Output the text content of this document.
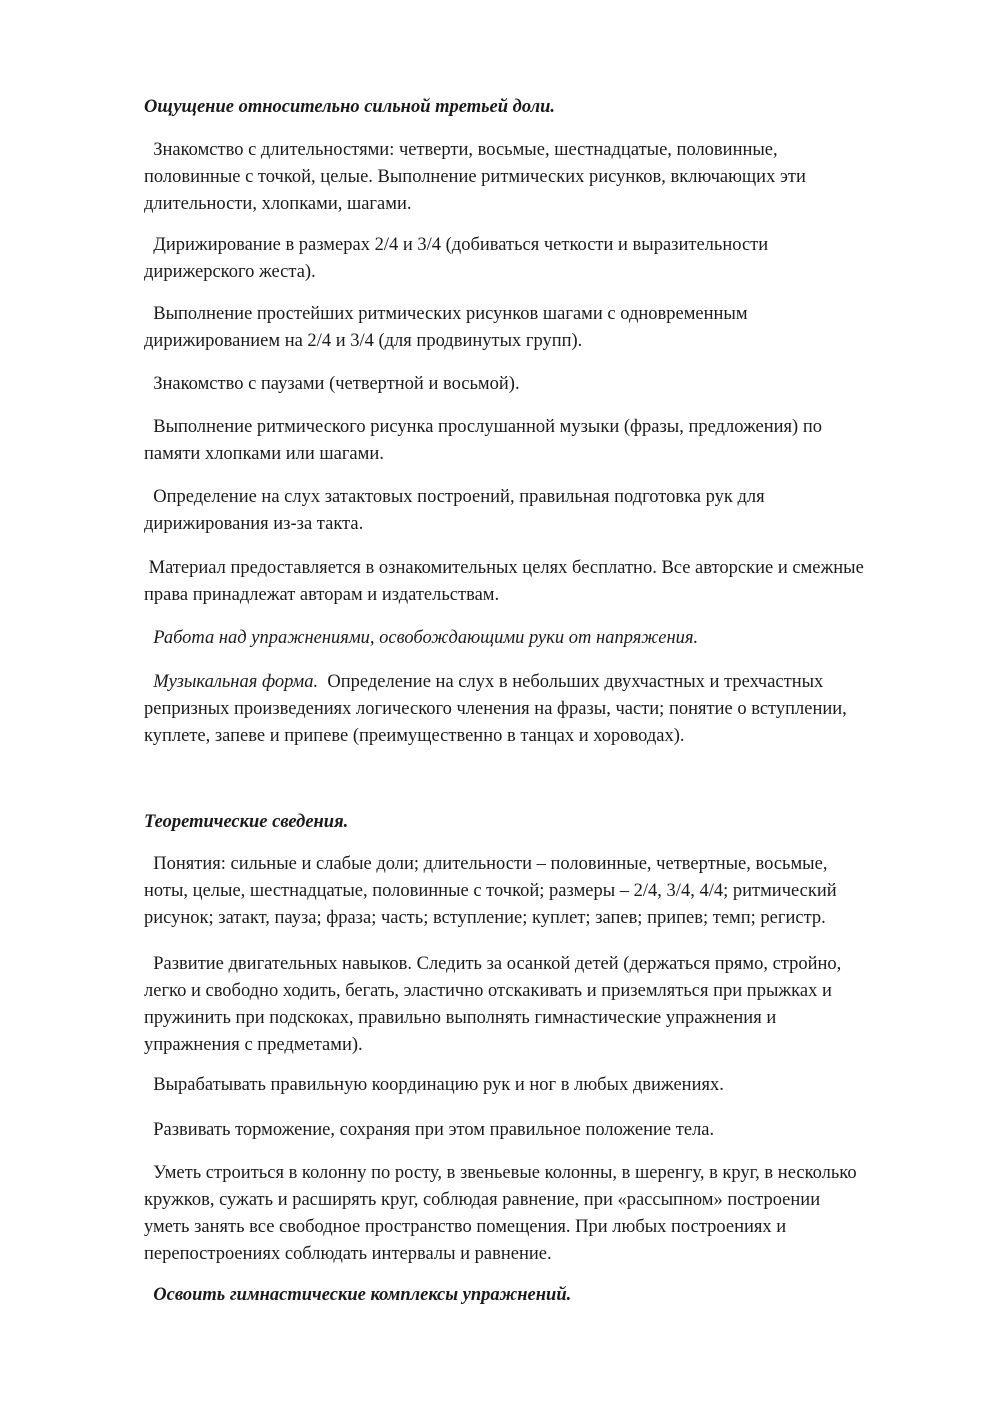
Ощущение относительно сильной третьей доли.
Знакомство с длительностями: четверти, восьмые, шестнадцатые, половинные,
половинные с точкой, целые. Выполнение ритмических рисунков, включающих эти
длительности, хлопками, шагами.
Дирижирование в размерах 2/4 и 3/4 (добиваться четкости и выразительности
дирижерского жеста).
Выполнение простейших ритмических рисунков шагами с одновременным
дирижированием на 2/4 и 3/4 (для продвинутых групп).
Знакомство с паузами (четвертной и восьмой).
Выполнение ритмического рисунка прослушанной музыки (фразы, предложения) по
памяти хлопками или шагами.
Определение на слух затактовых построений, правильная подготовка рук для
дирижирования из-за такта.
Материал предоставляется в ознакомительных целях бесплатно. Все авторские и смежные
права принадлежат авторам и издательствам.
Работа над упражнениями, освобождающими руки от напряжения.
Музыкальная форма.  Определение на слух в небольших двухчастных и трехчастных
репризных произведениях логического членения на фразы, части; понятие о вступлении,
куплете, запеве и припеве (преимущественно в танцах и хороводах).
Теоретические сведения.
Понятия: сильные и слабые доли; длительности – половинные, четвертные, восьмые,
ноты, целые, шестнадцатые, половинные с точкой; размеры – 2/4, 3/4, 4/4; ритмический
рисунок; затакт, пауза; фраза; часть; вступление; куплет; запев; припев; темп; регистр.
Развитие двигательных навыков. Следить за осанкой детей (держаться прямо, стройно,
легко и свободно ходить, бегать, эластично отскакивать и приземляться при прыжках и
пружинить при подскоках, правильно выполнять гимнастические упражнения и
упражнения с предметами).
Вырабатывать правильную координацию рук и ног в любых движениях.
Развивать торможение, сохраняя при этом правильное положение тела.
Уметь строиться в колонну по росту, в звеньевые колонны, в шеренгу, в круг, в несколько
кружков, сужать и расширять круг, соблюдая равнение, при «рассыпном» построении
уметь занять все свободное пространство помещения. При любых построениях и
перепостроениях соблюдать интервалы и равнение.
Освоить гимнастические комплексы упражнений.
